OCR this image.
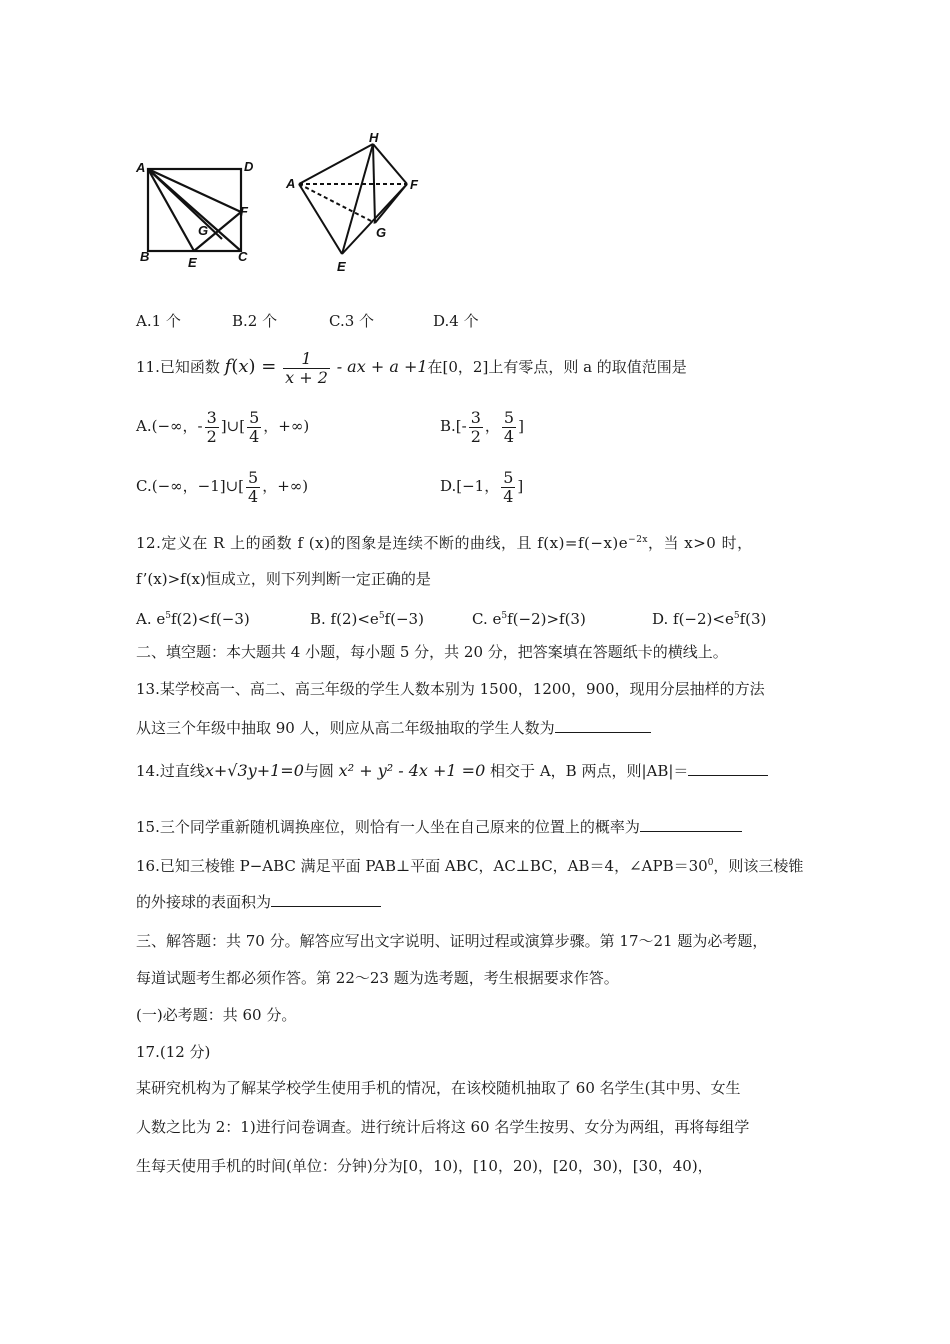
A	D
F
G
B	E	C
H
A	F
G
E
A.1 个	B.2 个	C.3 个	D.4 个
11.已知函数 $f(x) = \frac{1}{x + 2}$ - ax + a +1在[0，2]上有零点，则 a 的取值范围是
A.(−∞，- $\frac{3}{2}$ ]∪[ $\frac{5}{4}$ ，+∞)	$B.[- \frac{3}{2}$ ， $\frac{5}{4}$ ]
C.(−∞，−1]∪[ $\frac{5}{4}$ ，+∞)	D.[−1， $\frac{5}{4}$ ]
12.定义在 R 上的函数 f (x)的图象是连续不断的曲线，且 $f(x)=f(-x)e^{-2x}$，当 x>0 时，
f’(x)>f(x)恒成立，则下列判断一定正确的是
A. $e^5f(2)<f(-3)$	B. $f(2)<e^5f(-3)$	C. $e^5f(-2)>f(3)$	D. $f(-2)<e^5f(3)$
二、填空题：本大题共 4 小题，每小题 5 分，共 20 分，把答案填在答题纸卡的横线上。
13.某学校高一、高二、高三年级的学生人数本别为 1500，1200，900，现用分层抽样的方法
从这三个年级中抽取 90 人，则应从高二年级抽取的学生人数为
14.过直线x+√3y+1=0与圆 x² + y² - 4x +1 =0 相交于 A，B 两点，则|AB|＝
15.三个同学重新随机调换座位，则恰有一人坐在自己原来的位置上的概率为
16.已知三棱锥 P−ABC 满足平面 PAB⊥平面 ABC，AC⊥BC，AB＝4，$\angle APB=30^0$，则该三棱锥
的外接球的表面积为
三、解答题：共 70 分。解答应写出文字说明、证明过程或演算步骤。第 17～21 题为必考题，
每道试题考生都必须作答。第 22～23 题为选考题，考生根据要求作答。
(一)必考题：共 60 分。
17.(12 分)
某研究机构为了解某学校学生使用手机的情况，在该校随机抽取了 60 名学生(其中男、女生
人数之比为 2：1)进行问卷调查。进行统计后将这 60 名学生按男、女分为两组，再将每组学
生每天使用手机的时间(单位：分钟)分为[0，10)，[10，20)，[20，30)，[30，40)，
